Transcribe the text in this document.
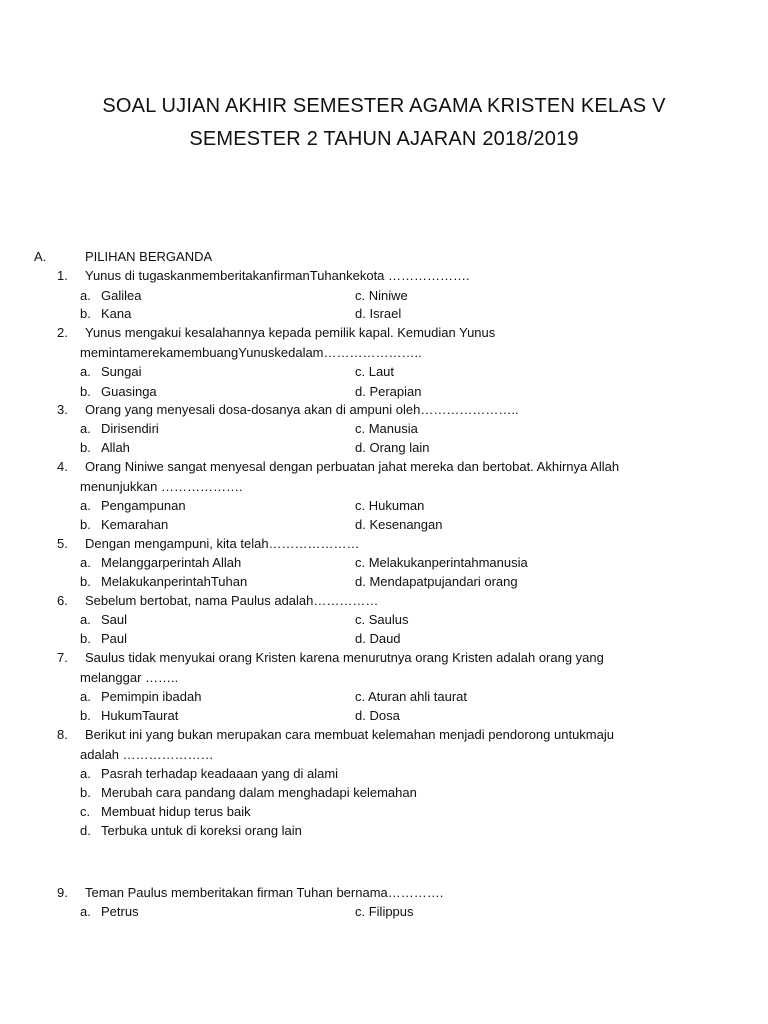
SOAL UJIAN AKHIR SEMESTER AGAMA KRISTEN KELAS V
SEMESTER 2 TAHUN AJARAN 2018/2019
A.	PILIHAN BERGANDA
1. Yunus di tugaskanmemberitakanfirmanTuhankekota ……………….
a. Galilea	c. Niniwe
b. Kana	d. Israel
2. Yunus mengakui kesalahannya kepada pemilik kapal. Kemudian Yunus
memintamerekamembuangYunuskedalam…………………..
a. Sungai	c. Laut
b. Guasinga	d. Perapian
3. Orang yang menyesali dosa-dosanya akan di ampuni oleh…………………..
a. Dirisendiri	c. Manusia
b. Allah	d. Orang lain
4. Orang Niniwe sangat menyesal dengan perbuatan jahat mereka dan bertobat. Akhirnya Allah
menunjukkan ……………….
a. Pengampunan	c. Hukuman
b. Kemarahan	d. Kesenangan
5. Dengan mengampuni, kita telah…………………
a. Melanggarperintah Allah	c. Melakukanperintahmanusia
b. MelakukanperintahTuhan	d. Mendapatpujandari orang
6. Sebelum bertobat, nama Paulus adalah……………
a. Saul	c. Saulus
b. Paul	d. Daud
7. Saulus tidak menyukai orang Kristen karena menurutnya orang Kristen adalah orang yang
melanggar ……..
a. Pemimpin ibadah	c. Aturan ahli taurat
b. HukumTaurat	d. Dosa
8. Berikut ini yang bukan merupakan cara membuat kelemahan menjadi pendorong untukmaju
adalah …………………
a. Pasrah terhadap keadaaan yang di alami
b. Merubah cara pandang dalam menghadapi kelemahan
c. Membuat hidup terus baik
d. Terbuka untuk di koreksi orang lain
9. Teman Paulus memberitakan firman Tuhan bernama………….
a. Petrus	c. Filippus
